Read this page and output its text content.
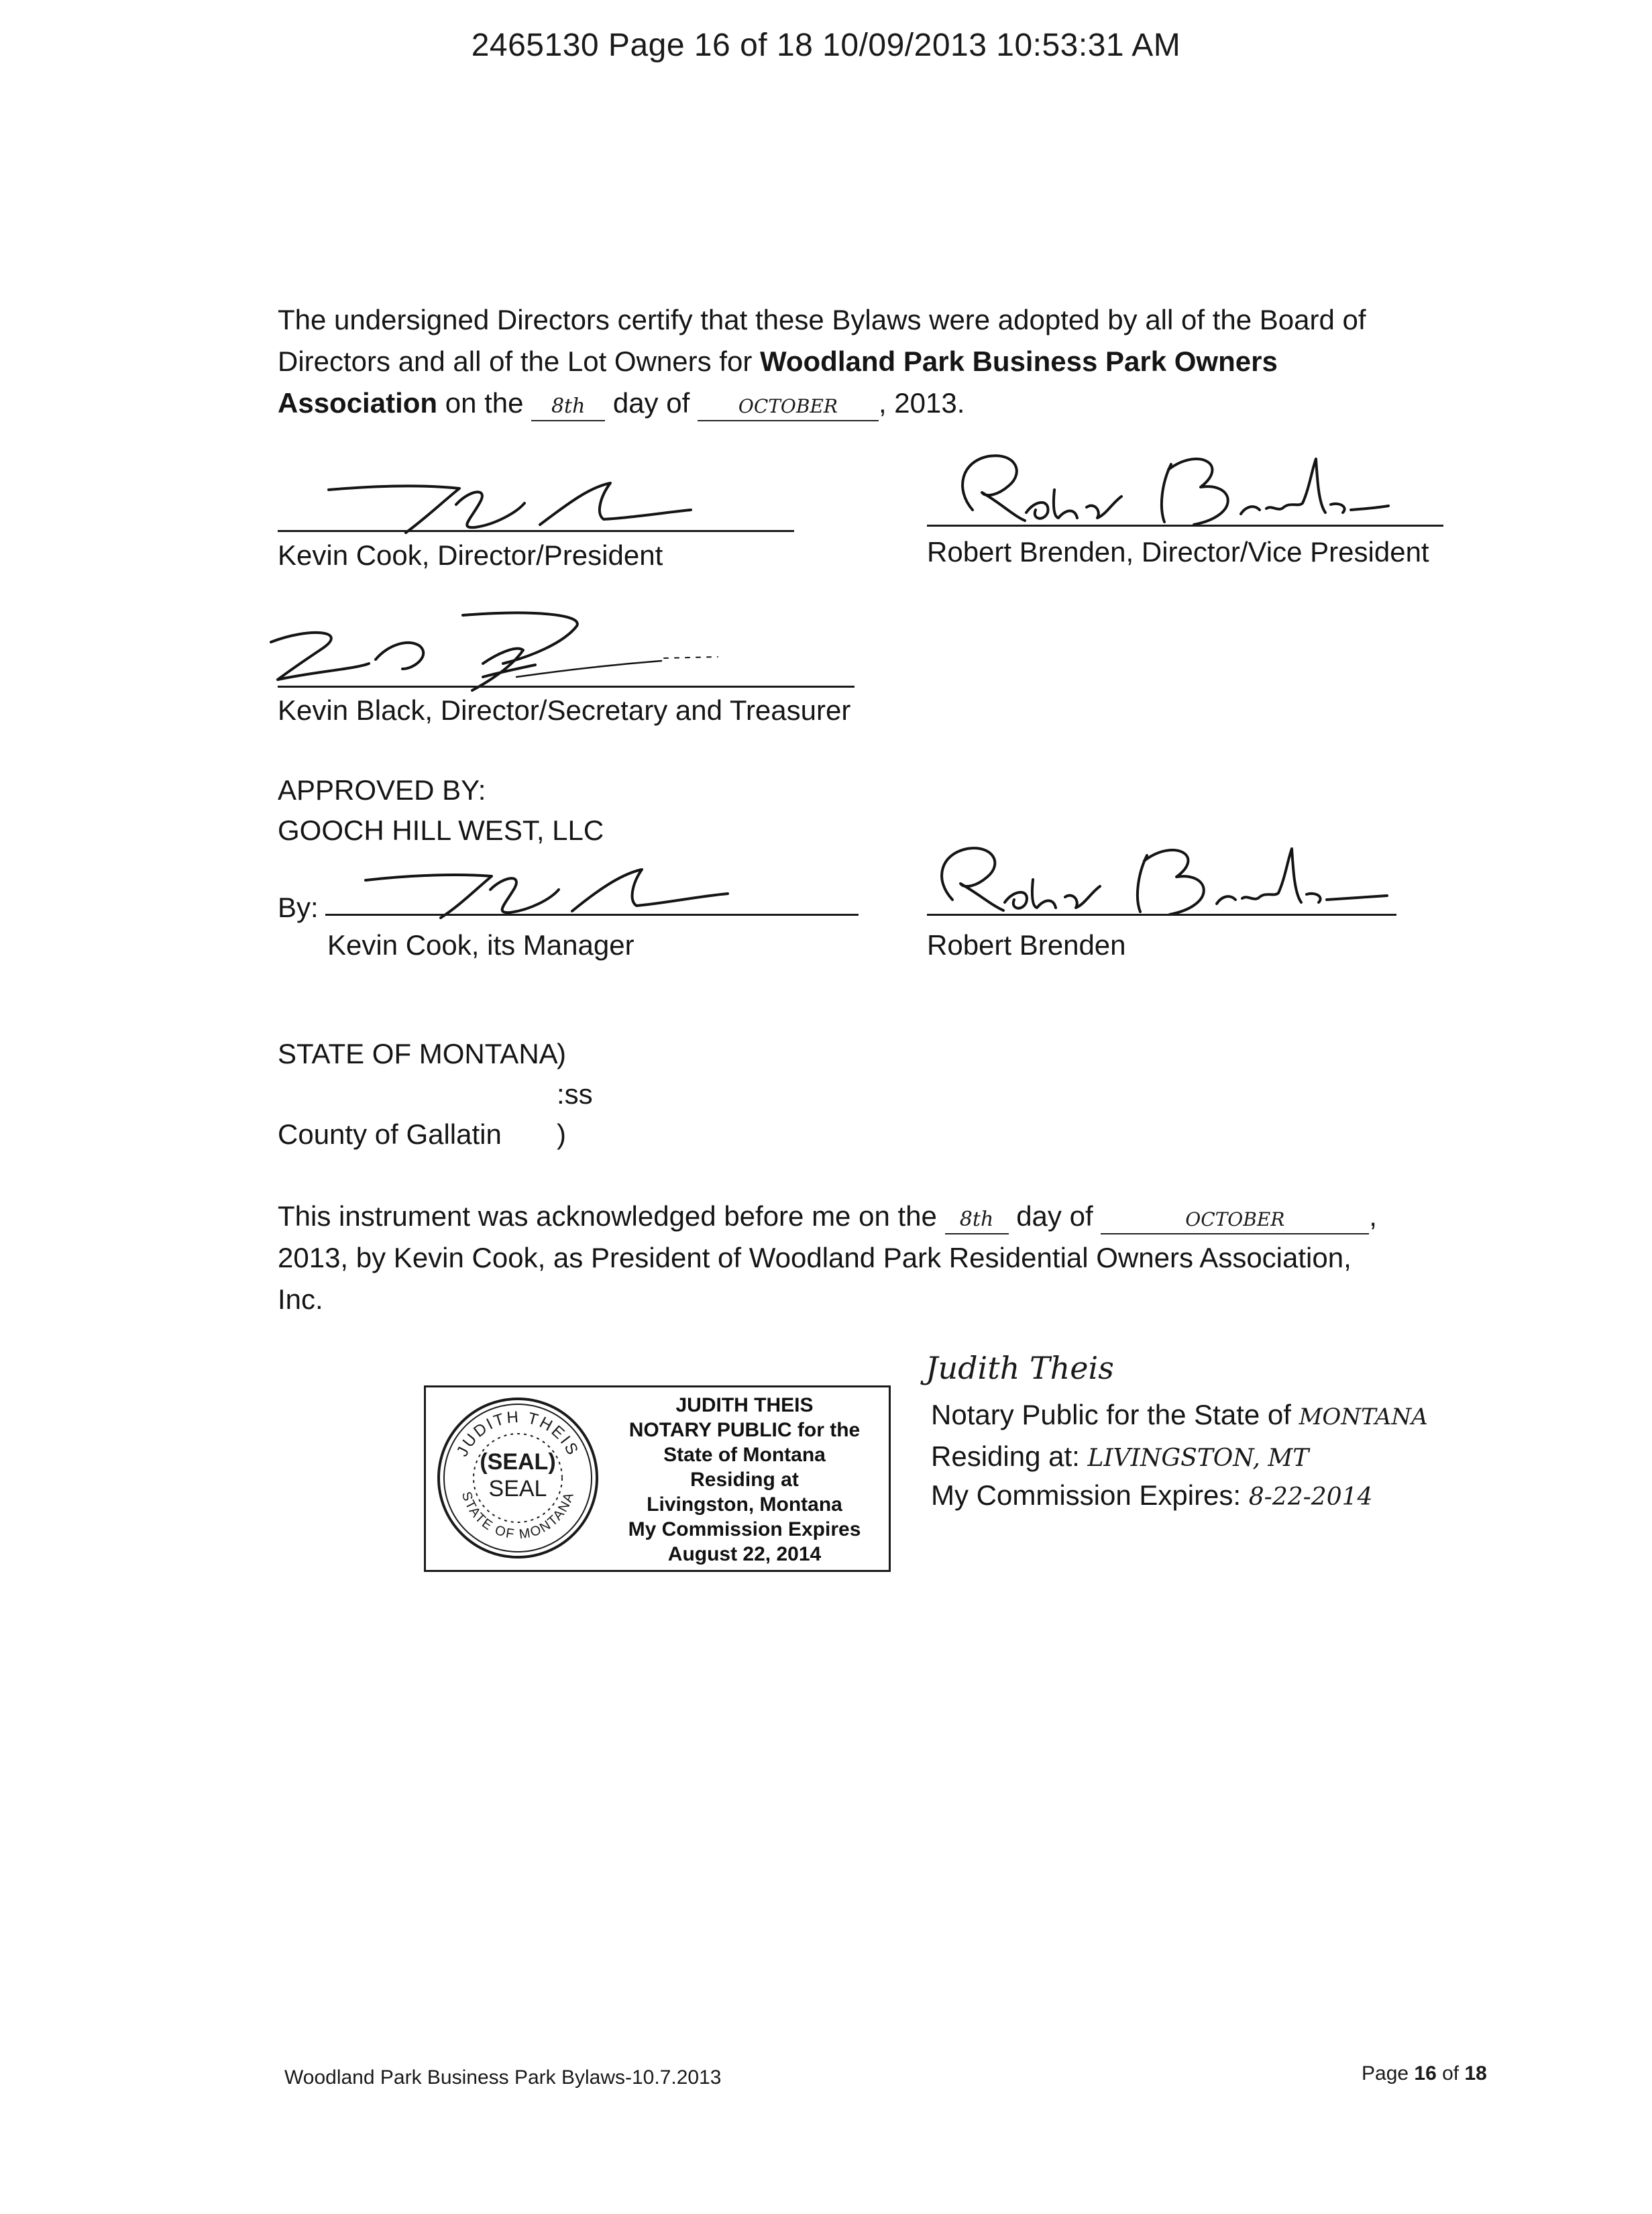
2465130 Page 16 of 18 10/09/2013 10:53:31 AM
The undersigned Directors certify that these Bylaws were adopted by all of the Board of
Directors and all of the Lot Owners for Woodland Park Business Park Owners
Association on the 8th day of OCTOBER , 2013.
Kevin Cook, Director/President	Robert Brenden, Director/Vice President
Kevin Black, Director/Secretary and Treasurer
APPROVED BY:
GOOCH HILL WEST, LLC
By:
Kevin Cook, its Manager	Robert Brenden
STATE OF MONTANA
)
:ss
County of Gallatin )
This instrument was acknowledged before me on the 8th day of	OCTOBER	,
2013, by Kevin Cook, as President of Woodland Park Residential Owners Association,
Inc.
JUDITH THEIS
STATE OF MONTANA
(SEAL)
SEAL
JUDITH THEIS
NOTARY PUBLIC for the
State of Montana
Residing at
Livingston, Montana
My Commission Expires
August 22, 2014
Judith Theis
Notary Public for the State of MONTANA
Residing at: LIVINGSTON, MT
My Commission Expires: 8-22-2014
Woodland Park Business Park Bylaws-10.7.2013	Page 16 of 18
